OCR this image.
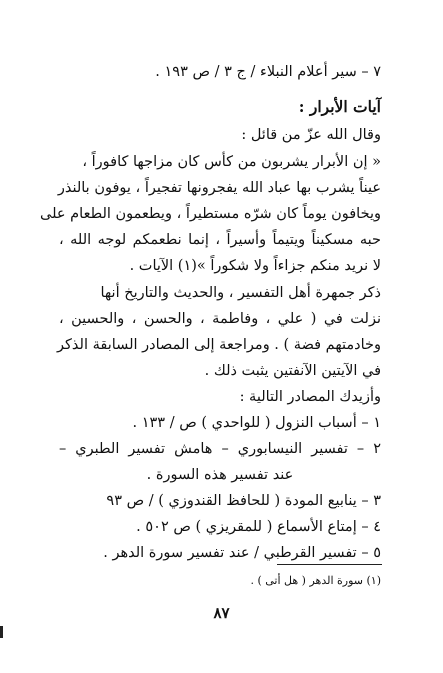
٧ – سير أعلام النبلاء / ج ٣ / ص ١٩٣ .
آيات الأبرار :
وقال الله عزّ من قائل :
« إن الأبرار يشربون من كأس كان مزاجها كافوراً ،
عيناً يشرب بها عباد الله يفجرونها تفجيراً ، يوفون بالنذر
ويخافون يوماً كان شرّه مستطيراً ، ويطعمون الطعام على
حبه مسكيناً ويتيماً وأسيراً ، إنما نطعمكم لوجه الله ،
لا نريد منكم جزاءاً ولا شكوراً »(١) الآيات .
ذكر جمهرة أهل التفسير ، والحديث والتاريخ أنها
نزلت في ( علي ، وفاطمة ، والحسن ، والحسين ،
وخادمتهم فضة ) . ومراجعة إلى المصادر السابقة الذكر
في الآيتين الآنفتين يثبت ذلك .
وأزيدك المصادر التالية :
١ – أسباب النزول ( للواحدي ) ص / ١٣٣ .
٢ – تفسير النيسابوري – هامش تفسير الطبري –
عند تفسير هذه السورة .
٣ – ينابيع المودة ( للحافظ القندوزي ) / ص ٩٣
٤ – إمتاع الأسماع ( للمقريزي ) ص ٥٠٢ .
٥ – تفسير القرطبي / عند تفسير سورة الدهر .
(١) سورة الدهر ( هل أتى ) .
٨٧
